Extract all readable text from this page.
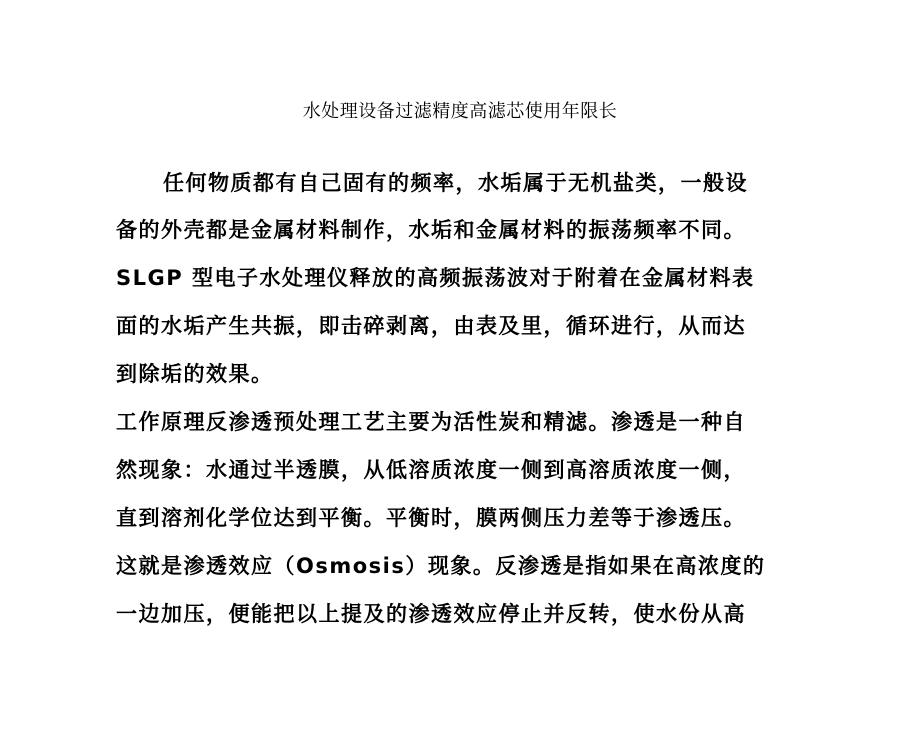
水处理设备过滤精度高滤芯使用年限长
任何物质都有自己固有的频率，水垢属于无机盐类，一般设
备的外壳都是金属材料制作，水垢和金属材料的振荡频率不同。
SLGP 型电子水处理仪释放的高频振荡波对于附着在金属材料表
面的水垢产生共振，即击碎剥离，由表及里，循环进行，从而达
到除垢的效果。
工作原理反渗透预处理工艺主要为活性炭和精滤。渗透是一种自
然现象：水通过半透膜，从低溶质浓度一侧到高溶质浓度一侧，
直到溶剂化学位达到平衡。平衡时，膜两侧压力差等于渗透压。
这就是渗透效应（Osmosis）现象。反渗透是指如果在高浓度的
一边加压，便能把以上提及的渗透效应停止并反转，使水份从高
